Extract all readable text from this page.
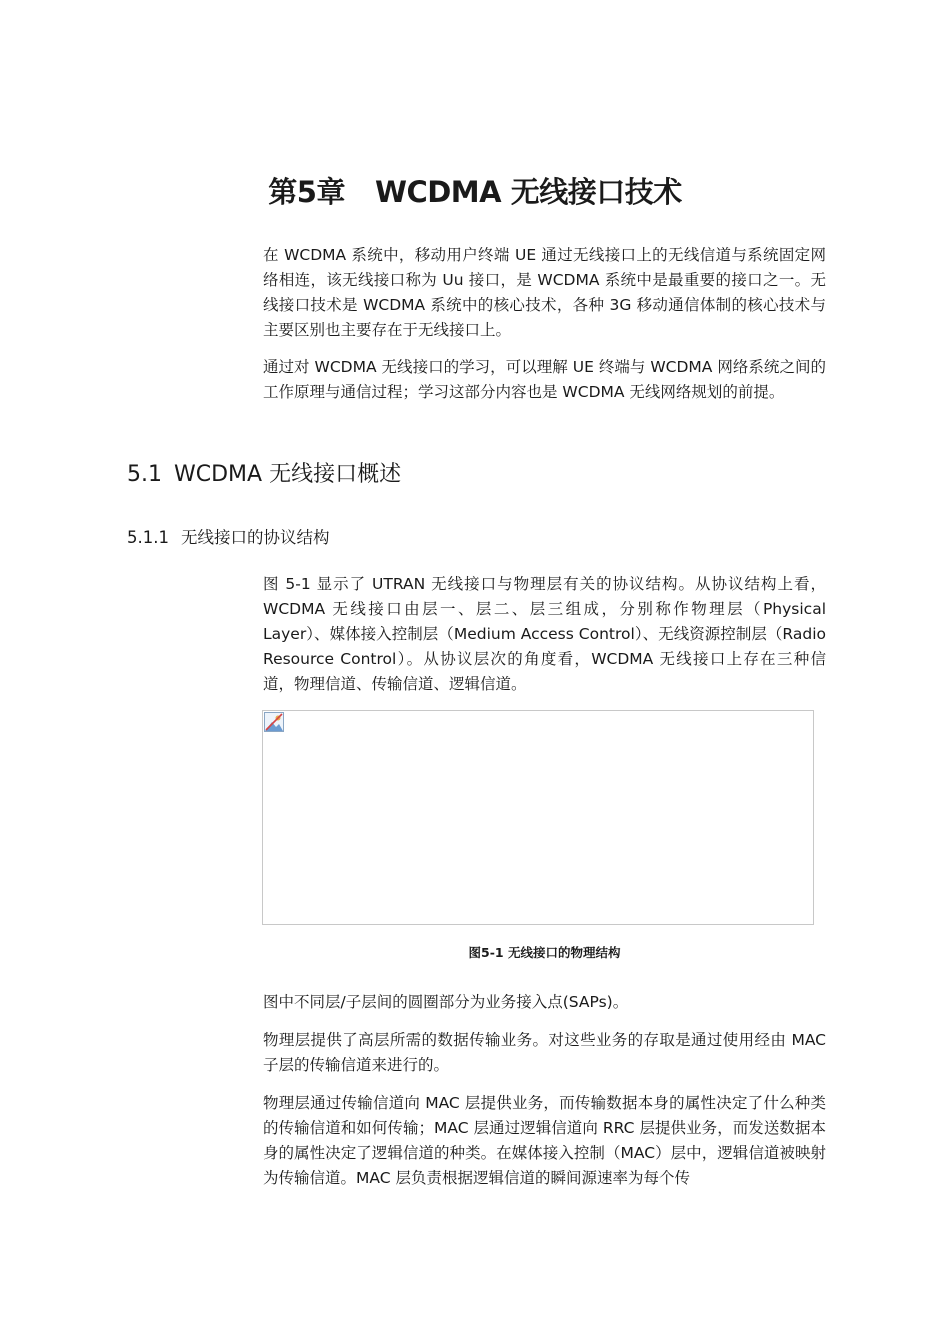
第5章 WCDMA 无线接口技术

在 WCDMA 系统中，移动用户终端 UE 通过无线接口上的无线信道与系统固定网络相连，该无线接口称为 Uu 接口，是 WCDMA 系统中是最重要的接口之一。无线接口技术是 WCDMA 系统中的核心技术，各种 3G 移动通信体制的核心技术与主要区别也主要存在于无线接口上。

通过对 WCDMA 无线接口的学习，可以理解 UE 终端与 WCDMA 网络系统之间的工作原理与通信过程；学习这部分内容也是 WCDMA 无线网络规划的前提。

5.1 WCDMA 无线接口概述
5.1.1 无线接口的协议结构

图 5-1 显示了 UTRAN 无线接口与物理层有关的协议结构。从协议结构上看，WCDMA 无线接口由层一、层二、层三组成，分别称作物理层（Physical Layer）、媒体接入控制层（Medium Access Control）、无线资源控制层（Radio Resource Control）。从协议层次的角度看，WCDMA 无线接口上存在三种信道，物理信道、传输信道、逻辑信道。

图5-1 无线接口的物理结构

图中不同层/子层间的圆圈部分为业务接入点(SAPs)。

物理层提供了高层所需的数据传输业务。对这些业务的存取是通过使用经由 MAC 子层的传输信道来进行的。

物理层通过传输信道向 MAC 层提供业务，而传输数据本身的属性决定了什么种类的传输信道和如何传输；MAC 层通过逻辑信道向 RRC 层提供业务，而发送数据本身的属性决定了逻辑信道的种类。在媒体接入控制（MAC）层中，逻辑信道被映射为传输信道。MAC 层负责根据逻辑信道的瞬间源速率为每个传
